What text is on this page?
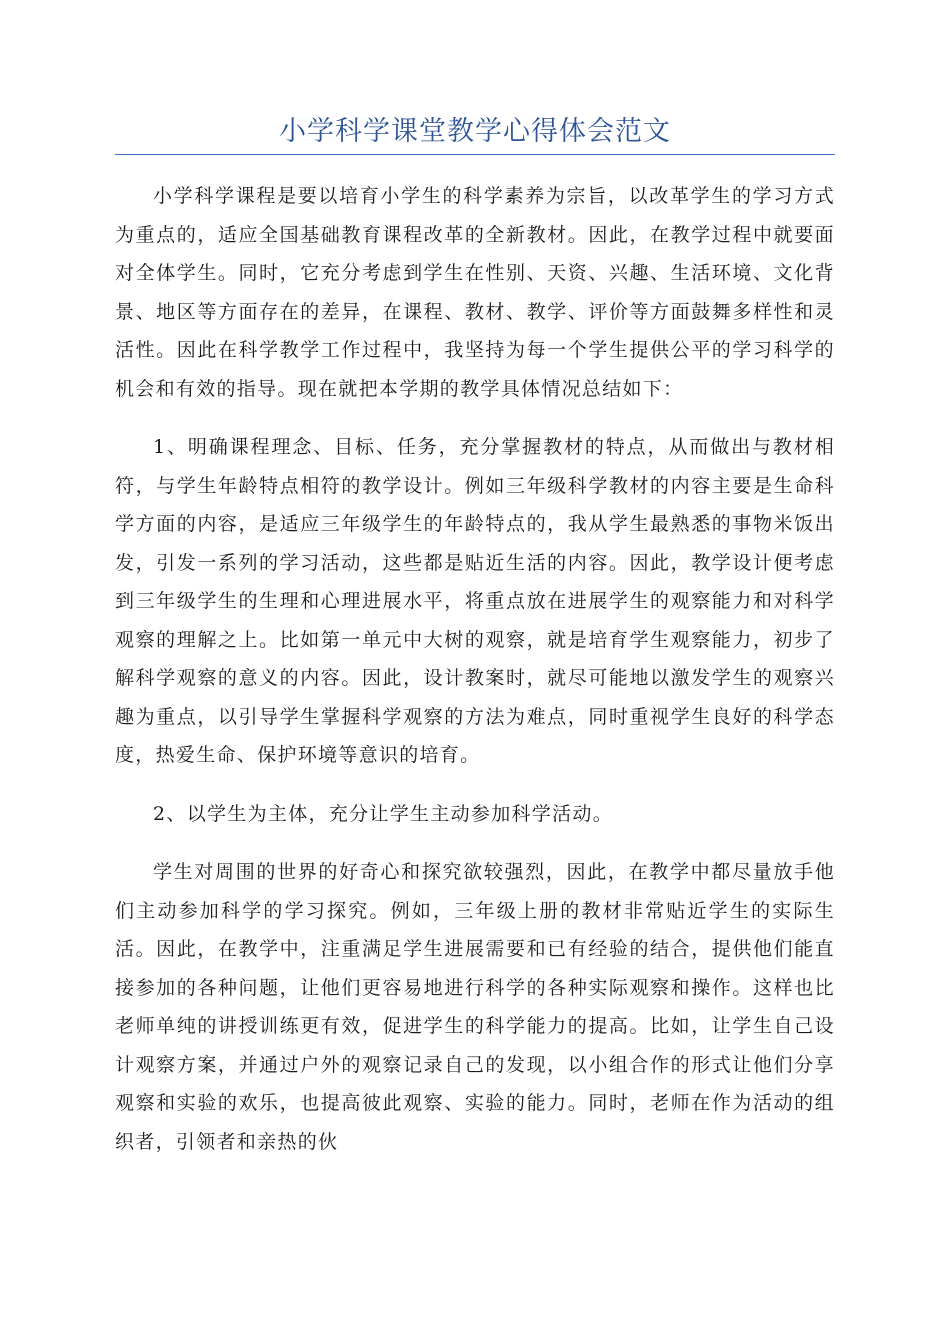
小学科学课堂教学心得体会范文

小学科学课程是要以培育小学生的科学素养为宗旨，以改革学生的学习方式为重点的，适应全国基础教育课程改革的全新教材。因此，在教学过程中就要面对全体学生。同时，它充分考虑到学生在性别、天资、兴趣、生活环境、文化背景、地区等方面存在的差异，在课程、教材、教学、评价等方面鼓舞多样性和灵活性。因此在科学教学工作过程中，我坚持为每一个学生提供公平的学习科学的机会和有效的指导。现在就把本学期的教学具体情况总结如下：

1、明确课程理念、目标、任务，充分掌握教材的特点，从而做出与教材相符，与学生年龄特点相符的教学设计。例如三年级科学教材的内容主要是生命科学方面的内容，是适应三年级学生的年龄特点的，我从学生最熟悉的事物米饭出发，引发一系列的学习活动，这些都是贴近生活的内容。因此，教学设计便考虑到三年级学生的生理和心理进展水平，将重点放在进展学生的观察能力和对科学观察的理解之上。比如第一单元中大树的观察，就是培育学生观察能力，初步了解科学观察的意义的内容。因此，设计教案时，就尽可能地以激发学生的观察兴趣为重点，以引导学生掌握科学观察的方法为难点，同时重视学生良好的科学态度，热爱生命、保护环境等意识的培育。

2、以学生为主体，充分让学生主动参加科学活动。

学生对周围的世界的好奇心和探究欲较强烈，因此，在教学中都尽量放手他们主动参加科学的学习探究。例如，三年级上册的教材非常贴近学生的实际生活。因此，在教学中，注重满足学生进展需要和已有经验的结合，提供他们能直接参加的各种问题，让他们更容易地进行科学的各种实际观察和操作。这样也比老师单纯的讲授训练更有效，促进学生的科学能力的提高。比如，让学生自己设计观察方案，并通过户外的观察记录自己的发现，以小组合作的形式让他们分享观察和实验的欢乐，也提高彼此观察、实验的能力。同时，老师在作为活动的组织者，引领者和亲热的伙
